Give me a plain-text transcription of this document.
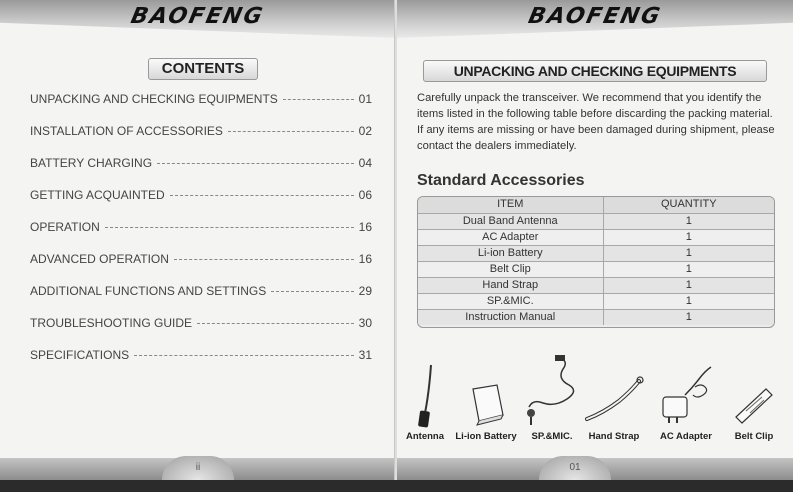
BAOFENG
CONTENTS
UNPACKING AND CHECKING EQUIPMENTS	01
INSTALLATION OF ACCESSORIES	02
BATTERY CHARGING	04
GETTING ACQUAINTED	06
OPERATION	16
ADVANCED OPERATION	16
ADDITIONAL FUNCTIONS AND SETTINGS	29
TROUBLESHOOTING GUIDE	30
SPECIFICATIONS	31
ii
BAOFENG
UNPACKING AND CHECKING EQUIPMENTS

Carefully unpack the transceiver. We recommend that you identify the items listed in the following table before discarding the packing material. If any items are missing or have been damaged during shipment, please contact the dealers immediately.

Standard Accessories
ITEM	QUANTITY
Dual Band Antenna	1
AC Adapter	1
Li-ion Battery	1
Belt Clip	1
Hand Strap	1
SP.&MIC.	1
Instruction Manual	1
Antenna	Li-ion Battery	SP.&MIC.	Hand Strap	AC Adapter	Belt Clip
01
